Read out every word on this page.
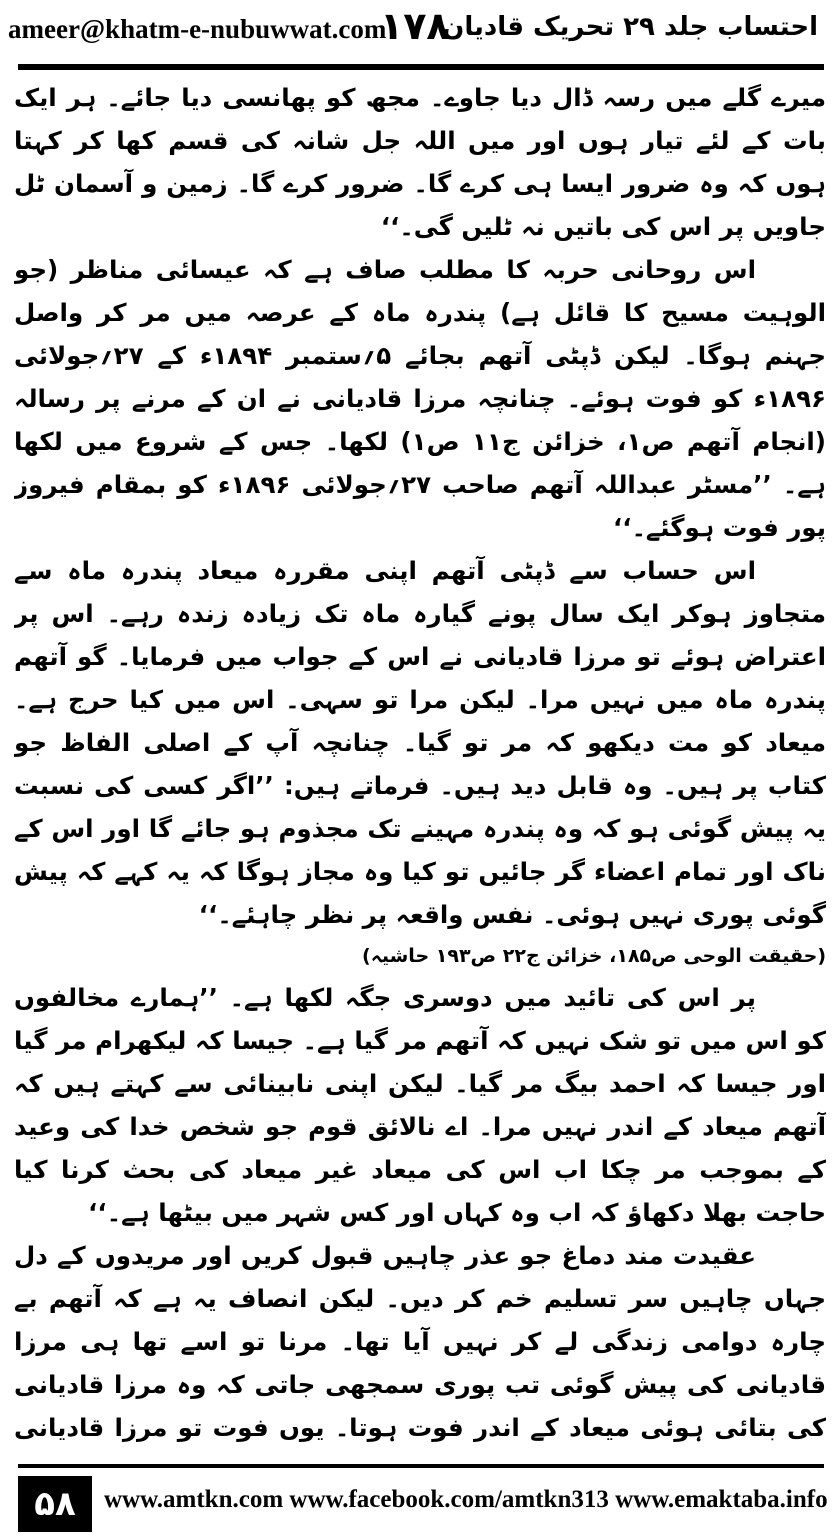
ameer@khatm-e-nubuwwat.com
۱۷۸
احتساب جلد ۲۹ تحریک قادیان

میرے گلے میں رسہ ڈال دیا جاوے۔ مجھ کو پھانسی دیا جائے۔ ہر ایک بات کے لئے تیار ہوں اور میں اللہ جل شانہ کی قسم کھا کر کہتا ہوں کہ وہ ضرور ایسا ہی کرے گا۔ ضرور کرے گا۔ زمین و آسمان ٹل جاویں پر اس کی باتیں نہ ٹلیں گی۔‘‘

اس روحانی حربہ کا مطلب صاف ہے کہ عیسائی مناظر (جو الوہیت مسیح کا قائل ہے) پندرہ ماہ کے عرصہ میں مر کر واصل جہنم ہوگا۔ لیکن ڈپٹی آتھم بجائے ۵؍ستمبر ۱۸۹۴ء کے ۲۷؍جولائی ۱۸۹۶ء کو فوت ہوئے۔ چنانچہ مرزا قادیانی نے ان کے مرنے پر رسالہ (انجام آتھم ص۱، خزائن ج۱۱ ص۱) لکھا۔ جس کے شروع میں لکھا ہے۔ ’’مسٹر عبداللہ آتھم صاحب ۲۷؍جولائی ۱۸۹۶ء کو بمقام فیروز پور فوت ہوگئے۔‘‘

اس حساب سے ڈپٹی آتھم اپنی مقررہ میعاد پندرہ ماہ سے متجاوز ہوکر ایک سال پونے گیارہ ماہ تک زیادہ زندہ رہے۔ اس پر اعتراض ہوئے تو مرزا قادیانی نے اس کے جواب میں فرمایا۔ گو آتھم پندرہ ماہ میں نہیں مرا۔ لیکن مرا تو سہی۔ اس میں کیا حرج ہے۔ میعاد کو مت دیکھو کہ مر تو گیا۔ چنانچہ آپ کے اصلی الفاظ جو کتاب پر ہیں۔ وہ قابل دید ہیں۔ فرماتے ہیں: ’’اگر کسی کی نسبت یہ پیش گوئی ہو کہ وہ پندرہ مہینے تک مجذوم ہو جائے گا اور اس کے ناک اور تمام اعضاء گر جائیں تو کیا وہ مجاز ہوگا کہ یہ کہے کہ پیش گوئی پوری نہیں ہوئی۔ نفس واقعہ پر نظر چاہئے۔‘‘

(حقیقت الوحی ص۱۸۵، خزائن ج۲۲ ص۱۹۳ حاشیہ)

پر اس کی تائید میں دوسری جگہ لکھا ہے۔ ’’ہمارے مخالفوں کو اس میں تو شک نہیں کہ آتھم مر گیا ہے۔ جیسا کہ لیکھرام مر گیا اور جیسا کہ احمد بیگ مر گیا۔ لیکن اپنی نابینائی سے کہتے ہیں کہ آتھم میعاد کے اندر نہیں مرا۔ اے نالائق قوم جو شخص خدا کی وعید کے بموجب مر چکا اب اس کی میعاد غیر میعاد کی بحث کرنا کیا حاجت بھلا دکھاؤ کہ اب وہ کہاں اور کس شہر میں بیٹھا ہے۔‘‘

عقیدت مند دماغ جو عذر چاہیں قبول کریں اور مریدوں کے دل جہاں چاہیں سر تسلیم خم کر دیں۔ لیکن انصاف یہ ہے کہ آتھم بے چارہ دوامی زندگی لے کر نہیں آیا تھا۔ مرنا تو اسے تھا ہی مرزا قادیانی کی پیش گوئی تب پوری سمجھی جاتی کہ وہ مرزا قادیانی کی بتائی ہوئی میعاد کے اندر فوت ہوتا۔ یوں فوت تو مرزا قادیانی

۵۸	www.amtkn.com www.facebook.com/amtkn313 www.emaktaba.info
